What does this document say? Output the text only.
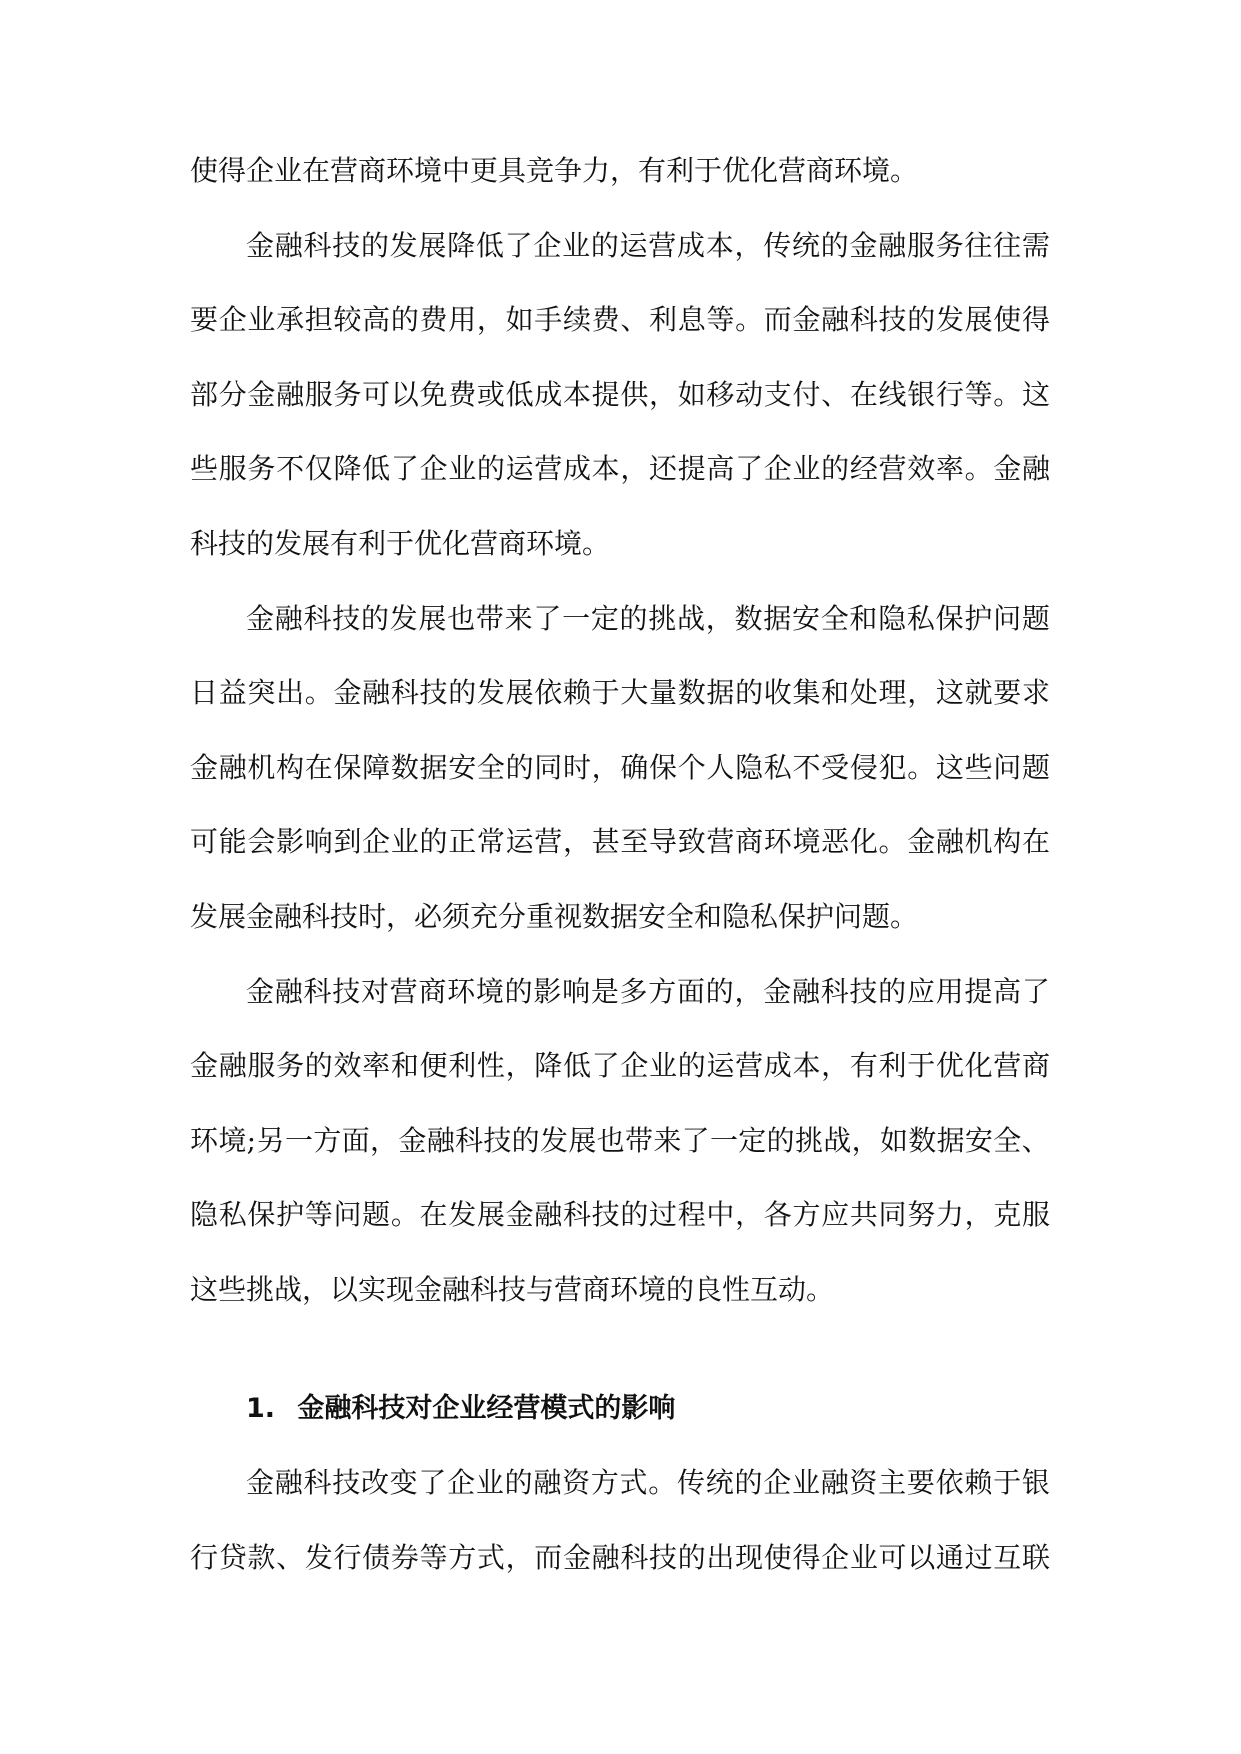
使得企业在营商环境中更具竞争力，有利于优化营商环境。
金 融 科 技 的 发 展 降 低 了 企 业 的 运 营 成 本 ， 传 统 的 金 融 服 务 往 往 需
要 企 业 承 担 较 高 的 费 用 ， 如 手 续 费 、 利 息 等 。 而 金 融 科 技 的 发 展 使 得
部 分 金 融 服 务 可 以 免 费 或 低 成 本 提 供 ， 如 移 动 支 付 、 在 线 银 行 等 。 这
些 服 务 不 仅 降 低 了 企 业 的 运 营 成 本 ， 还 提 高 了 企 业 的 经 营 效 率 。 金 融
科技的发展有利于优化营商环境。
金 融 科 技 的 发 展 也 带 来 了 一 定 的 挑 战 ， 数 据 安 全 和 隐 私 保 护 问 题
日 益 突 出 。 金 融 科 技 的 发 展 依 赖 于 大 量 数 据 的 收 集 和 处 理 ， 这 就 要 求
金 融 机 构 在 保 障 数 据 安 全 的 同 时 ， 确 保 个 人 隐 私 不 受 侵 犯 。 这 些 问 题
可 能 会 影 响 到 企 业 的 正 常 运 营 ， 甚 至 导 致 营 商 环 境 恶 化 。 金 融 机 构 在
发展金融科技时，必须充分重视数据安全和隐私保护问题。
金 融 科 技 对 营 商 环 境 的 影 响 是 多 方 面 的 ， 金 融 科 技 的 应 用 提 高 了
金 融 服 务 的 效 率 和 便 利 性 ， 降 低 了 企 业 的 运 营 成 本 ， 有 利 于 优 化 营 商
环 境 ; 另 一 方 面 ， 金 融 科 技 的 发 展 也 带 来 了 一 定 的 挑 战 ， 如 数 据 安 全 、
隐 私 保 护 等 问 题 。 在 发 展 金 融 科 技 的 过 程 中 ， 各 方 应 共 同 努 力 ， 克 服
这些挑战，以实现金融科技与营商环境的良性互动。
1. 金融科技对企业经营模式的影响
金 融 科 技 改 变 了 企 业 的 融 资 方 式 。 传 统 的 企 业 融 资 主 要 依 赖 于 银
行 贷 款 、 发 行 债 券 等 方 式 ， 而 金 融 科 技 的 出 现 使 得 企 业 可 以 通 过 互 联
